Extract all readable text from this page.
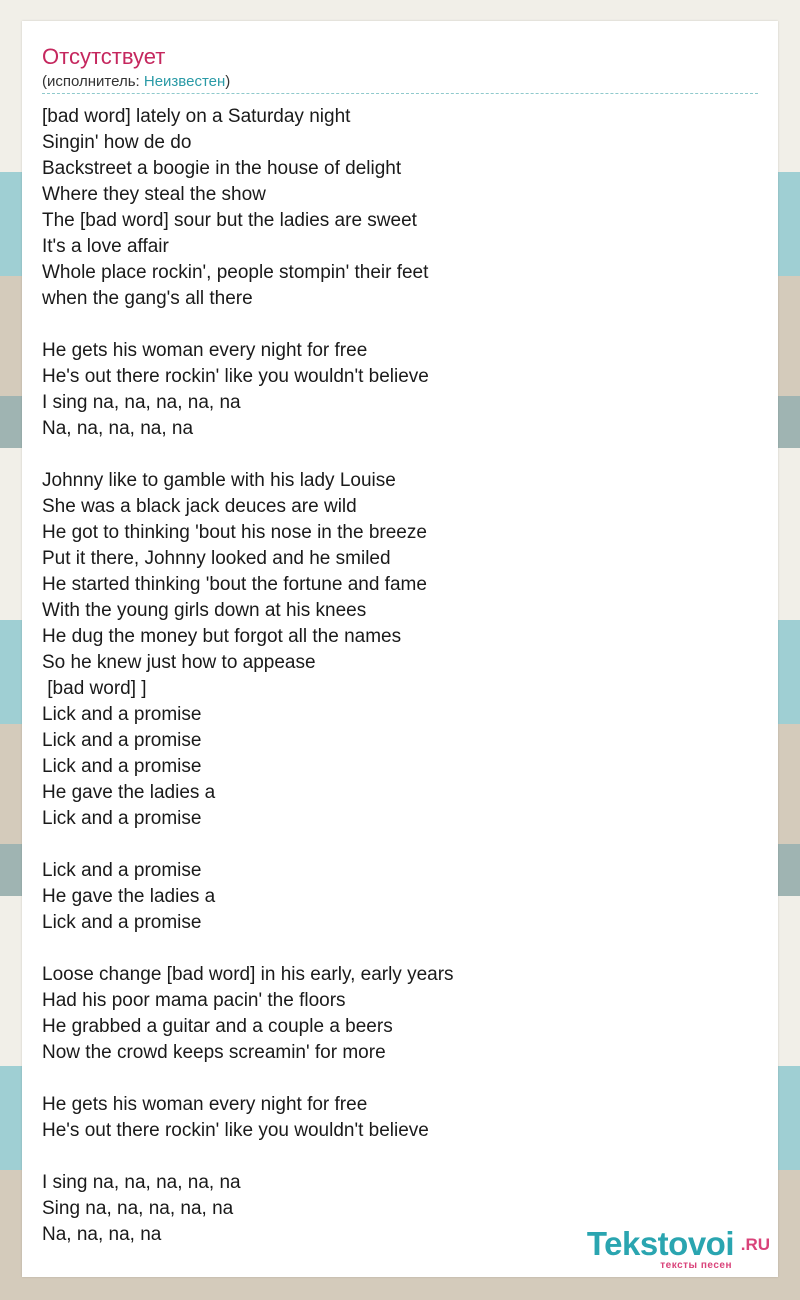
Отсутствует
(исполнитель: Неизвестен)
[bad word] lately on a Saturday night
Singin' how de do
Backstreet a boogie in the house of delight
Where they steal the show
The [bad word] sour but the ladies are sweet
It's a love affair
Whole place rockin', people stompin' their feet
when the gang's all there
He gets his woman every night for free
He's out there rockin' like you wouldn't believe
I sing na, na, na, na, na
Na, na, na, na, na
Johnny like to gamble with his lady Louise
She was a black jack deuces are wild
He got to thinking 'bout his nose in the breeze
Put it there, Johnny looked and he smiled
He started thinking 'bout the fortune and fame
With the young girls down at his knees
He dug the money but forgot all the names
So he knew just how to appease
[bad word] ]
Lick and a promise
Lick and a promise
Lick and a promise
He gave the ladies a
Lick and a promise
Lick and a promise
He gave the ladies a
Lick and a promise
Loose change [bad word] in his early, early years
Had his poor mama pacin' the floors
He grabbed a guitar and a couple a beers
Now the crowd keeps screamin' for more
He gets his woman every night for free
He's out there rockin' like you wouldn't believe
I sing na, na, na, na, na
Sing na, na, na, na, na
Na, na, na, na	Tekstovoi .RU
тексты песен
